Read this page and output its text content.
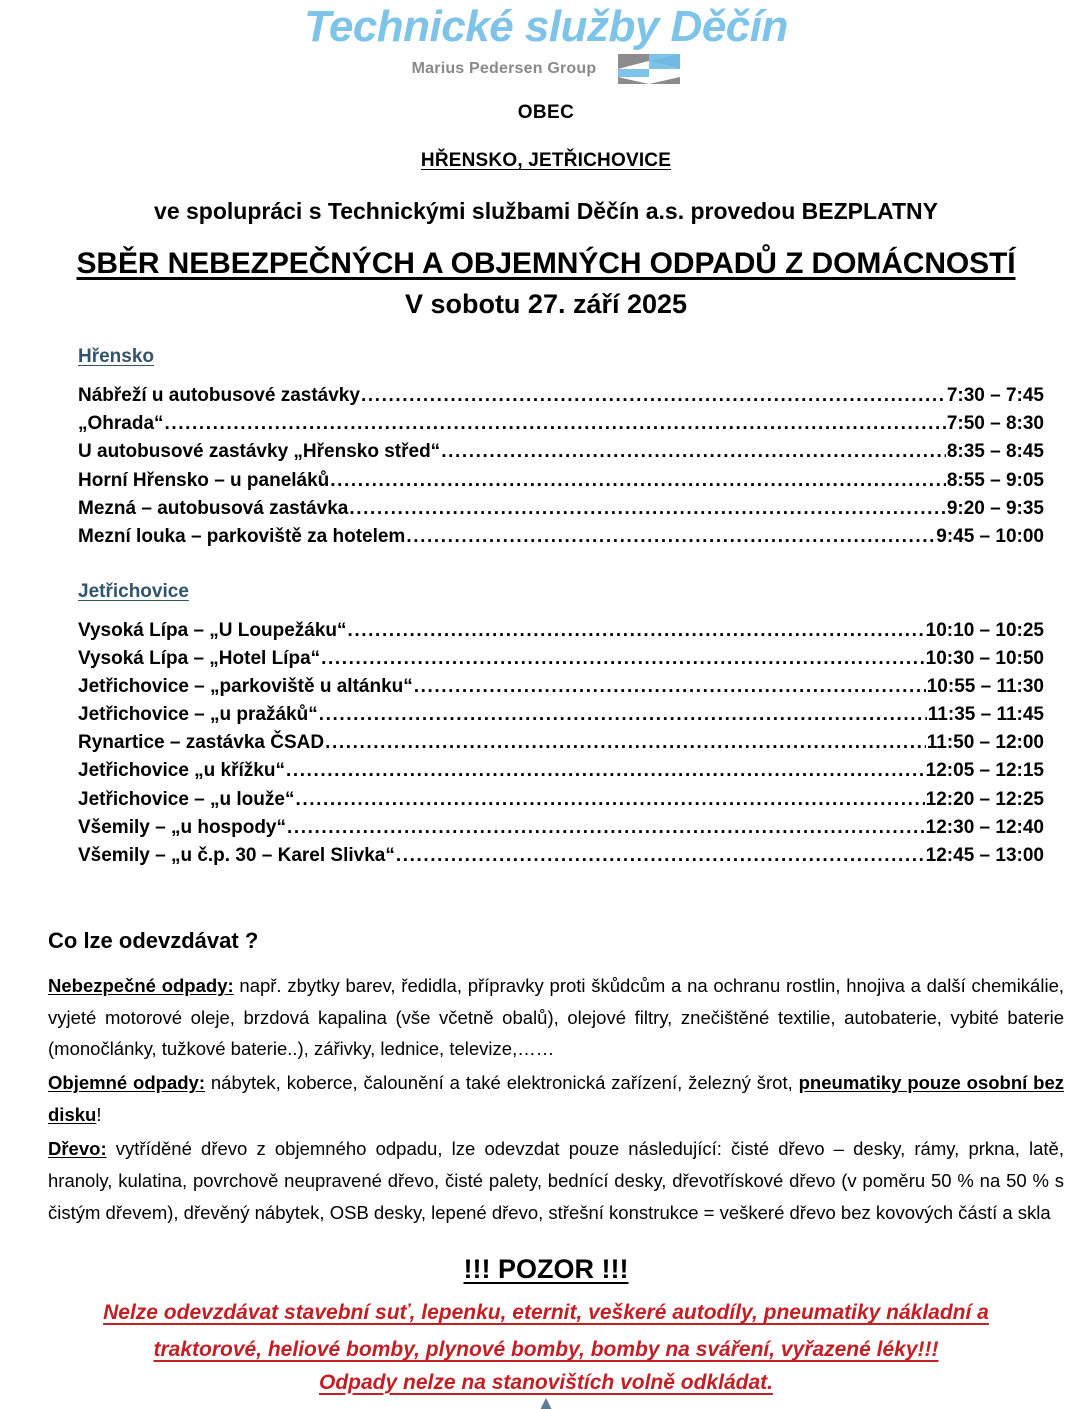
Technické služby Děčín
Marius Pedersen Group

OBEC

HŘENSKO, JETŘICHOVICE

ve spolupráci s Technickými službami Děčín a.s. provedou BEZPLATNY

SBĚR NEBEZPEČNÝCH A OBJEMNÝCH ODPADŮ Z DOMÁCNOSTÍ

V sobotu 27. září 2025

Hřensko
Nábřeží u autobusové zastávky .....	7:30 – 7:45
„Ohrada“ .....	7:50 – 8:30
U autobusové zastávky „Hřensko střed“ .....	8:35 – 8:45
Horní Hřensko – u paneláků .....	8:55 – 9:05
Mezná – autobusová zastávka .....	9:20 – 9:35
Mezní louka – parkoviště za hotelem .....	9:45 – 10:00
Jetřichovice
Vysoká Lípa – „U Loupežáku“ .....	10:10 – 10:25
Vysoká Lípa – „Hotel Lípa“ .....	10:30 – 10:50
Jetřichovice – „parkoviště u altánku“ .....	10:55 – 11:30
Jetřichovice – „u pražáků“ .....	11:35 – 11:45
Rynartice – zastávka ČSAD .....	11:50 – 12:00
Jetřichovice „u křížku“ .....	12:05 – 12:15
Jetřichovice – „u louže“ .....	12:20 – 12:25
Všemily – „u hospody“ .....	12:30 – 12:40
Všemily – „u č.p. 30 – Karel Slivka“ .....	12:45 – 13:00

Co lze odevzdávat ?

Nebezpečné odpady: např. zbytky barev, ředidla, přípravky proti škůdcům a na ochranu rostlin, hnojiva a další chemikálie, vyjeté motorové oleje, brzdová kapalina (vše včetně obalů), olejové filtry, znečištěné textilie, autobaterie, vybité baterie (monočlánky, tužkové baterie..), zářivky, lednice, televize,……

Objemné odpady: nábytek, koberce, čalounění a také elektronická zařízení, železný šrot, pneumatiky pouze osobní bez disku!

Dřevo: vytříděné dřevo z objemného odpadu, lze odevzdat pouze následující: čisté dřevo – desky, rámy, prkna, latě, hranoly, kulatina, povrchově neupravené dřevo, čisté palety, bednící desky, dřevotřískové dřevo (v poměru 50 % na 50 % s čistým dřevem), dřevěný nábytek, OSB desky, lepené dřevo, střešní konstrukce = veškeré dřevo bez kovových částí a skla

!!! POZOR !!!

Nelze odevzdávat stavební suť, lepenku, eternit, veškeré autodíly, pneumatiky nákladní a
traktorové, heliové bomby, plynové bomby, bomby na sváření, vyřazené léky!!!

Odpady nelze na stanovištích volně odkládat.
